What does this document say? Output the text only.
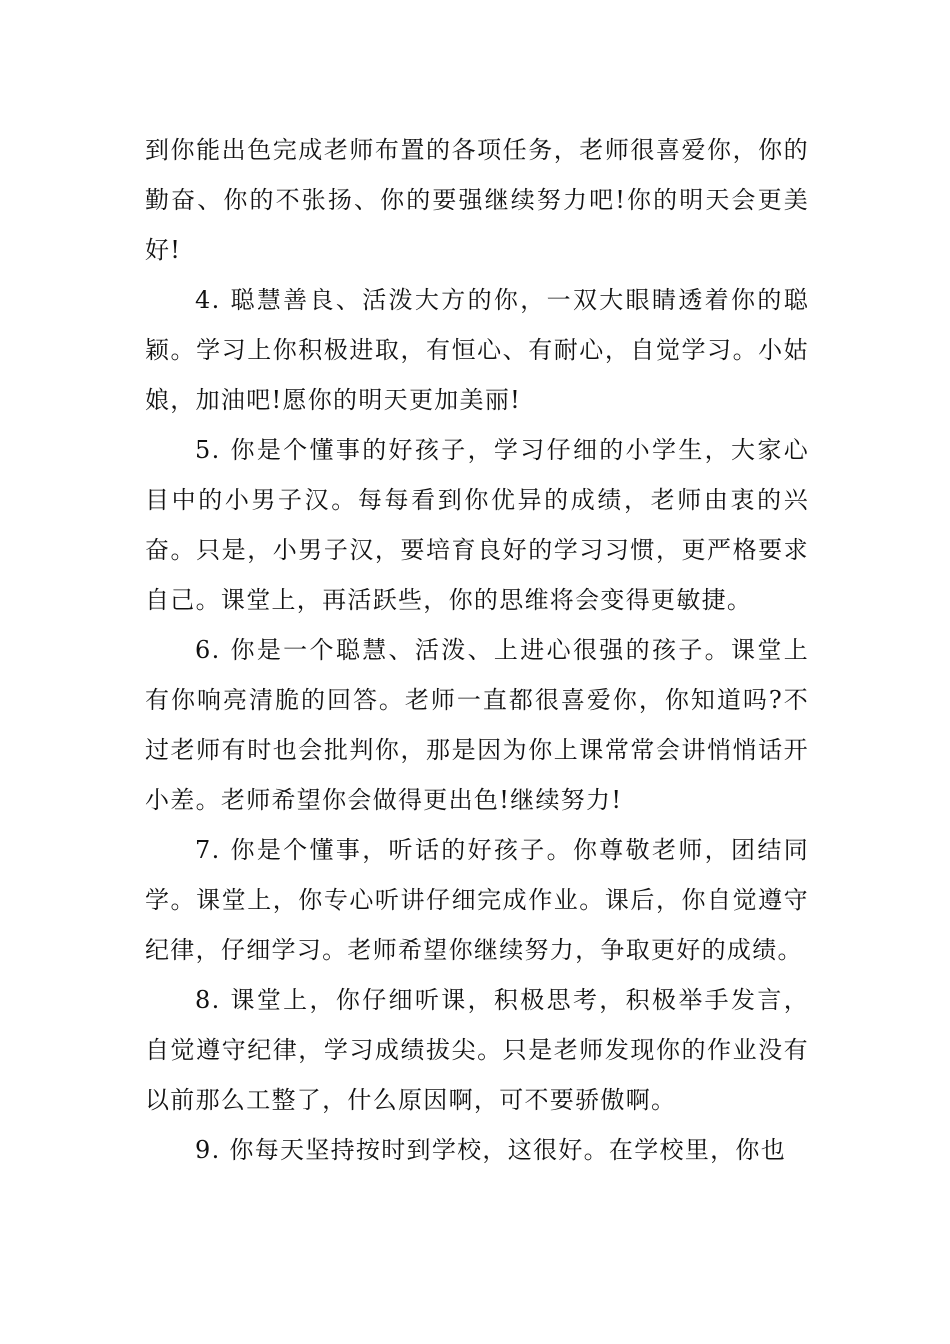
到你能出色完成老师布置的各项任务，老师很喜爱你，你的勤奋、你的不张扬、你的要强继续努力吧!你的明天会更美好!

4. 聪慧善良、活泼大方的你，一双大眼睛透着你的聪颖。学习上你积极进取，有恒心、有耐心，自觉学习。小姑娘，加油吧!愿你的明天更加美丽!

5. 你是个懂事的好孩子，学习仔细的小学生，大家心目中的小男子汉。每每看到你优异的成绩，老师由衷的兴奋。只是，小男子汉，要培育良好的学习习惯，更严格要求自己。课堂上，再活跃些，你的思维将会变得更敏捷。

6. 你是一个聪慧、活泼、上进心很强的孩子。课堂上有你响亮清脆的回答。老师一直都很喜爱你，你知道吗?不过老师有时也会批判你，那是因为你上课常常会讲悄悄话开小差。老师希望你会做得更出色!继续努力!

7. 你是个懂事，听话的好孩子。你尊敬老师，团结同学。课堂上，你专心听讲仔细完成作业。课后，你自觉遵守纪律，仔细学习。老师希望你继续努力，争取更好的成绩。

8. 课堂上，你仔细听课，积极思考，积极举手发言，自觉遵守纪律，学习成绩拔尖。只是老师发现你的作业没有以前那么工整了，什么原因啊，可不要骄傲啊。

9. 你每天坚持按时到学校，这很好。在学校里，你也
